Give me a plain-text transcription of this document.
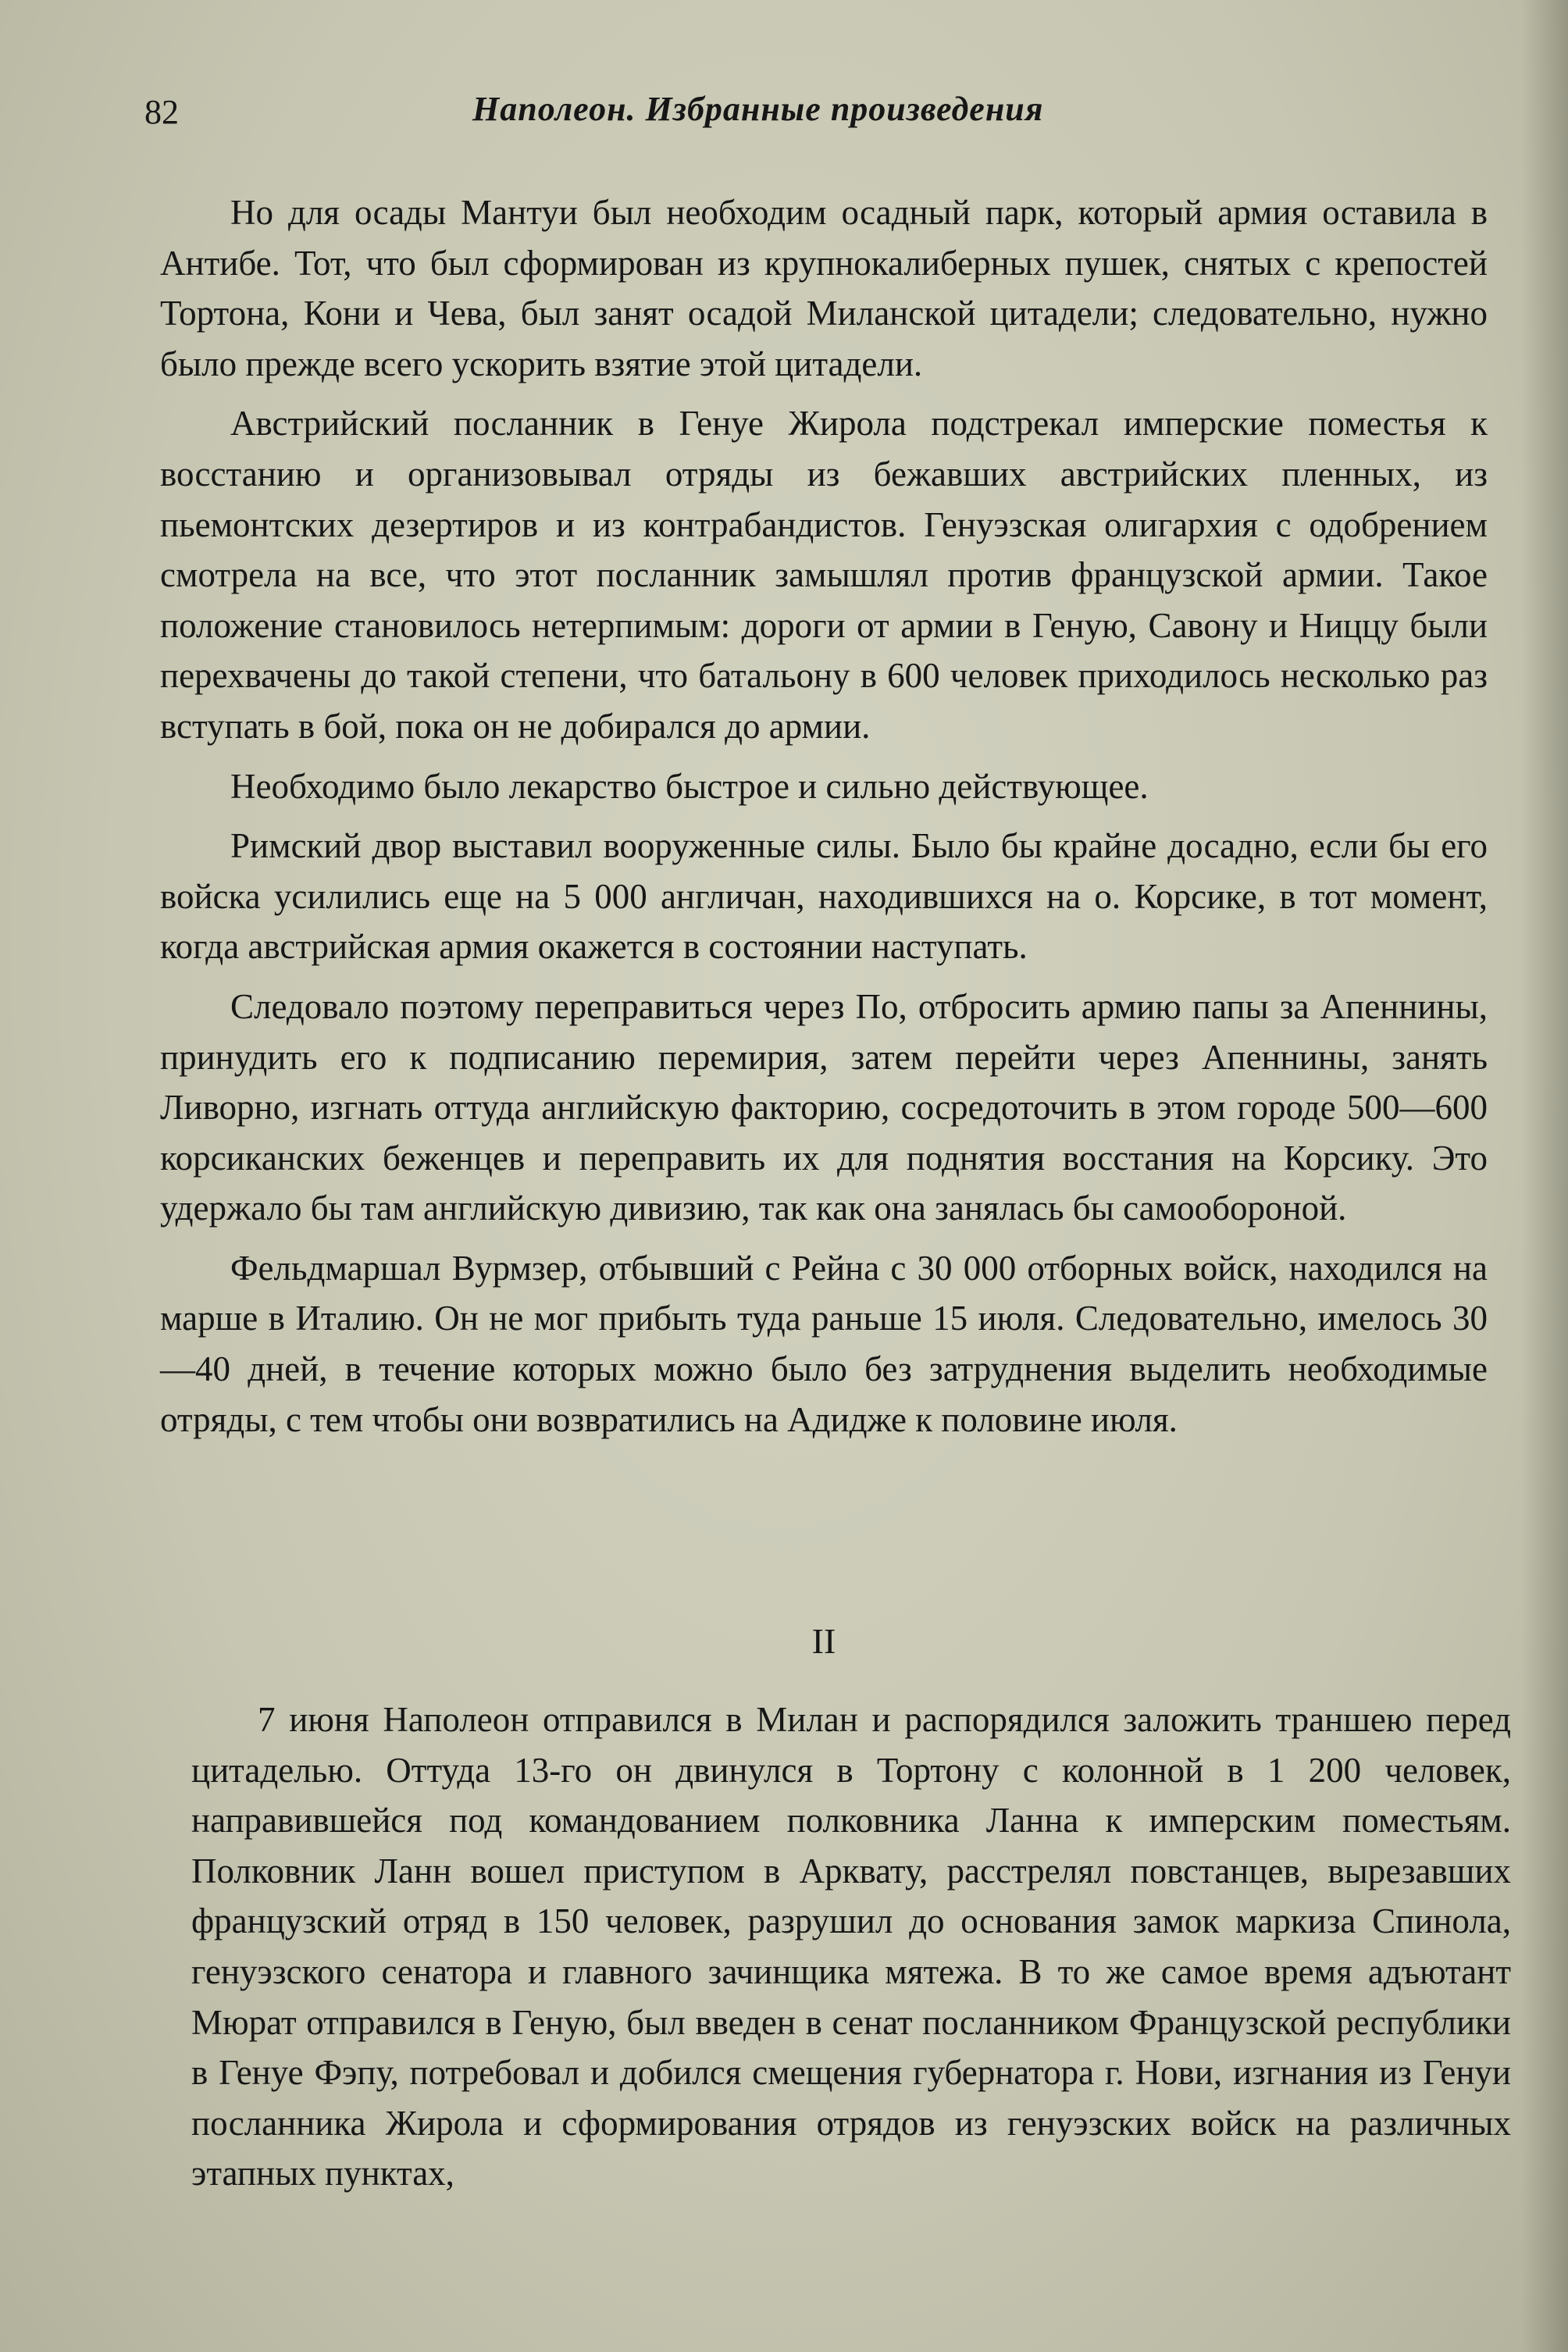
82	Наполеон. Избранные произведения

Но для осады Мантуи был необходим осадный парк, который армия оставила в Антибе. Тот, что был сформирован из крупнокалиберных пушек, снятых с крепостей Тортона, Кони и Чева, был занят осадой Миланской цитадели; следовательно, нужно было прежде всего ускорить взятие этой цитадели.

Австрийский посланник в Генуе Жирола подстрекал имперские поместья к восстанию и организовывал отряды из бежавших австрийских пленных, из пьемонтских дезертиров и из контрабандистов. Генуэзская олигархия с одобрением смотрела на все, что этот посланник замышлял против французской армии. Такое положение становилось нетерпимым: дороги от армии в Геную, Савону и Ниццу были перехвачены до такой степени, что батальону в 600 человек приходилось несколько раз вступать в бой, пока он не добирался до армии.

Необходимо было лекарство быстрое и сильно действующее.

Римский двор выставил вооруженные силы. Было бы крайне досадно, если бы его войска усилились еще на 5 000 англичан, находившихся на о. Корсике, в тот момент, когда австрийская армия окажется в состоянии наступать.

Следовало поэтому переправиться через По, отбросить армию папы за Апеннины, принудить его к подписанию перемирия, затем перейти через Апеннины, занять Ливорно, изгнать оттуда английскую факторию, сосредоточить в этом городе 500—600 корсиканских беженцев и переправить их для поднятия восстания на Корсику. Это удержало бы там английскую дивизию, так как она занялась бы самообороной.

Фельдмаршал Вурмзер, отбывший с Рейна с 30 000 отборных войск, находился на марше в Италию. Он не мог прибыть туда раньше 15 июля. Следовательно, имелось 30—40 дней, в течение которых можно было без затруднения выделить необходимые отряды, с тем чтобы они возвратились на Адидже к половине июля.

II

7 июня Наполеон отправился в Милан и распорядился заложить траншею перед цитаделью. Оттуда 13-го он двинулся в Тортону с колонной в 1 200 человек, направившейся под командованием полковника Ланна к имперским поместьям. Полковник Ланн вошел приступом в Арквату, расстрелял повстанцев, вырезавших французский отряд в 150 человек, разрушил до основания замок маркиза Спинола, генуэзского сенатора и главного зачинщика мятежа. В то же самое время адъютант Мюрат отправился в Геную, был введен в сенат посланником Французской республики в Генуе Фэпу, потребовал и добился смещения губернатора г. Нови, изгнания из Генуи посланника Жирола и сформирования отрядов из генуэзских войск на различных этапных пунктах,
